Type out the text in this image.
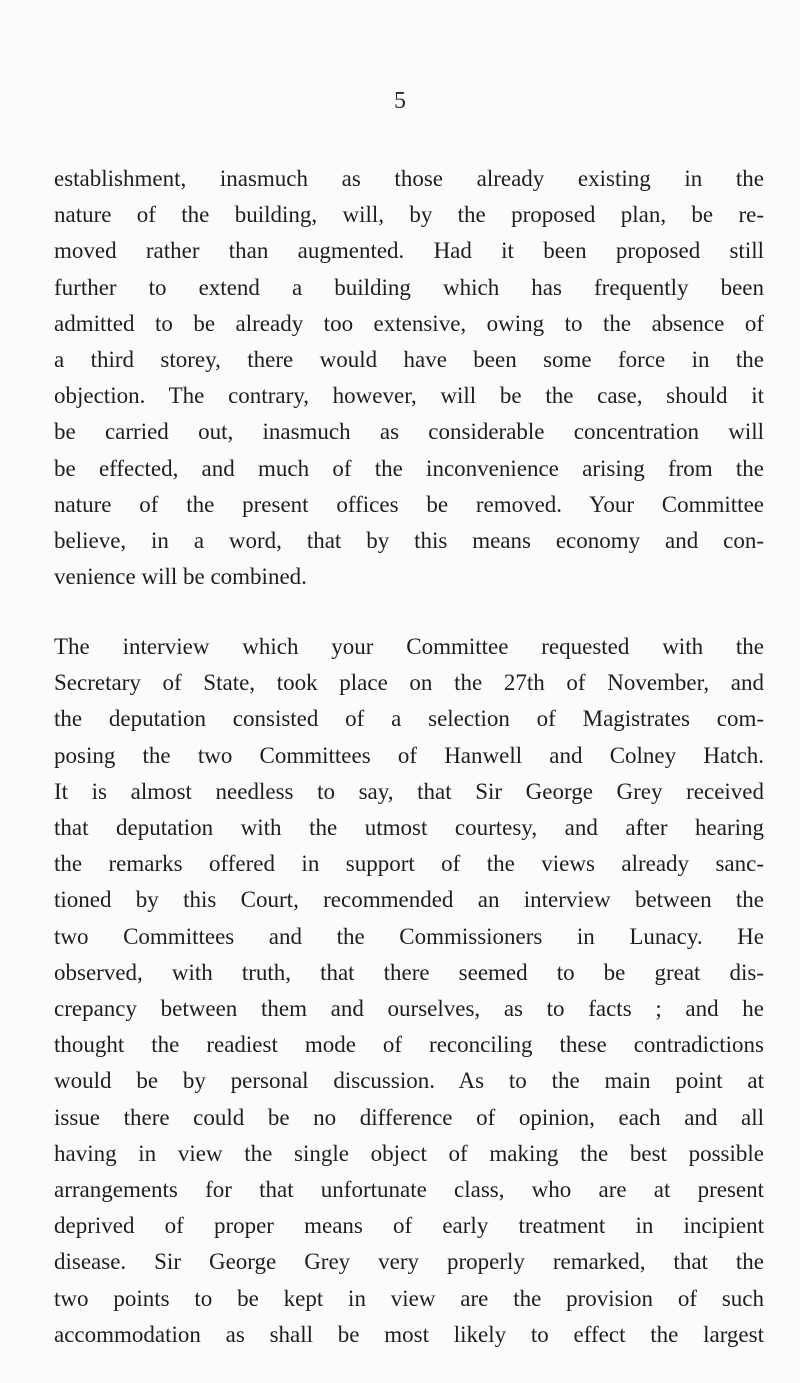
5
establishment, inasmuch as those already existing in the
nature of the building, will, by the proposed plan, be re-
moved rather than augmented. Had it been proposed still
further to extend a building which has frequently been
admitted to be already too extensive, owing to the absence of
a third storey, there would have been some force in the
objection. The contrary, however, will be the case, should it
be carried out, inasmuch as considerable concentration will
be effected, and much of the inconvenience arising from the
nature of the present offices be removed. Your Committee
believe, in a word, that by this means economy and con-
venience will be combined.
The interview which your Committee requested with the
Secretary of State, took place on the 27th of November, and
the deputation consisted of a selection of Magistrates com-
posing the two Committees of Hanwell and Colney Hatch.
It is almost needless to say, that Sir George Grey received
that deputation with the utmost courtesy, and after hearing
the remarks offered in support of the views already sanc-
tioned by this Court, recommended an interview between the
two Committees and the Commissioners in Lunacy. He
observed, with truth, that there seemed to be great dis-
crepancy between them and ourselves, as to facts ; and he
thought the readiest mode of reconciling these contradictions
would be by personal discussion. As to the main point at
issue there could be no difference of opinion, each and all
having in view the single object of making the best possible
arrangements for that unfortunate class, who are at present
deprived of proper means of early treatment in incipient
disease. Sir George Grey very properly remarked, that the
two points to be kept in view are the provision of such
accommodation as shall be most likely to effect the largest
